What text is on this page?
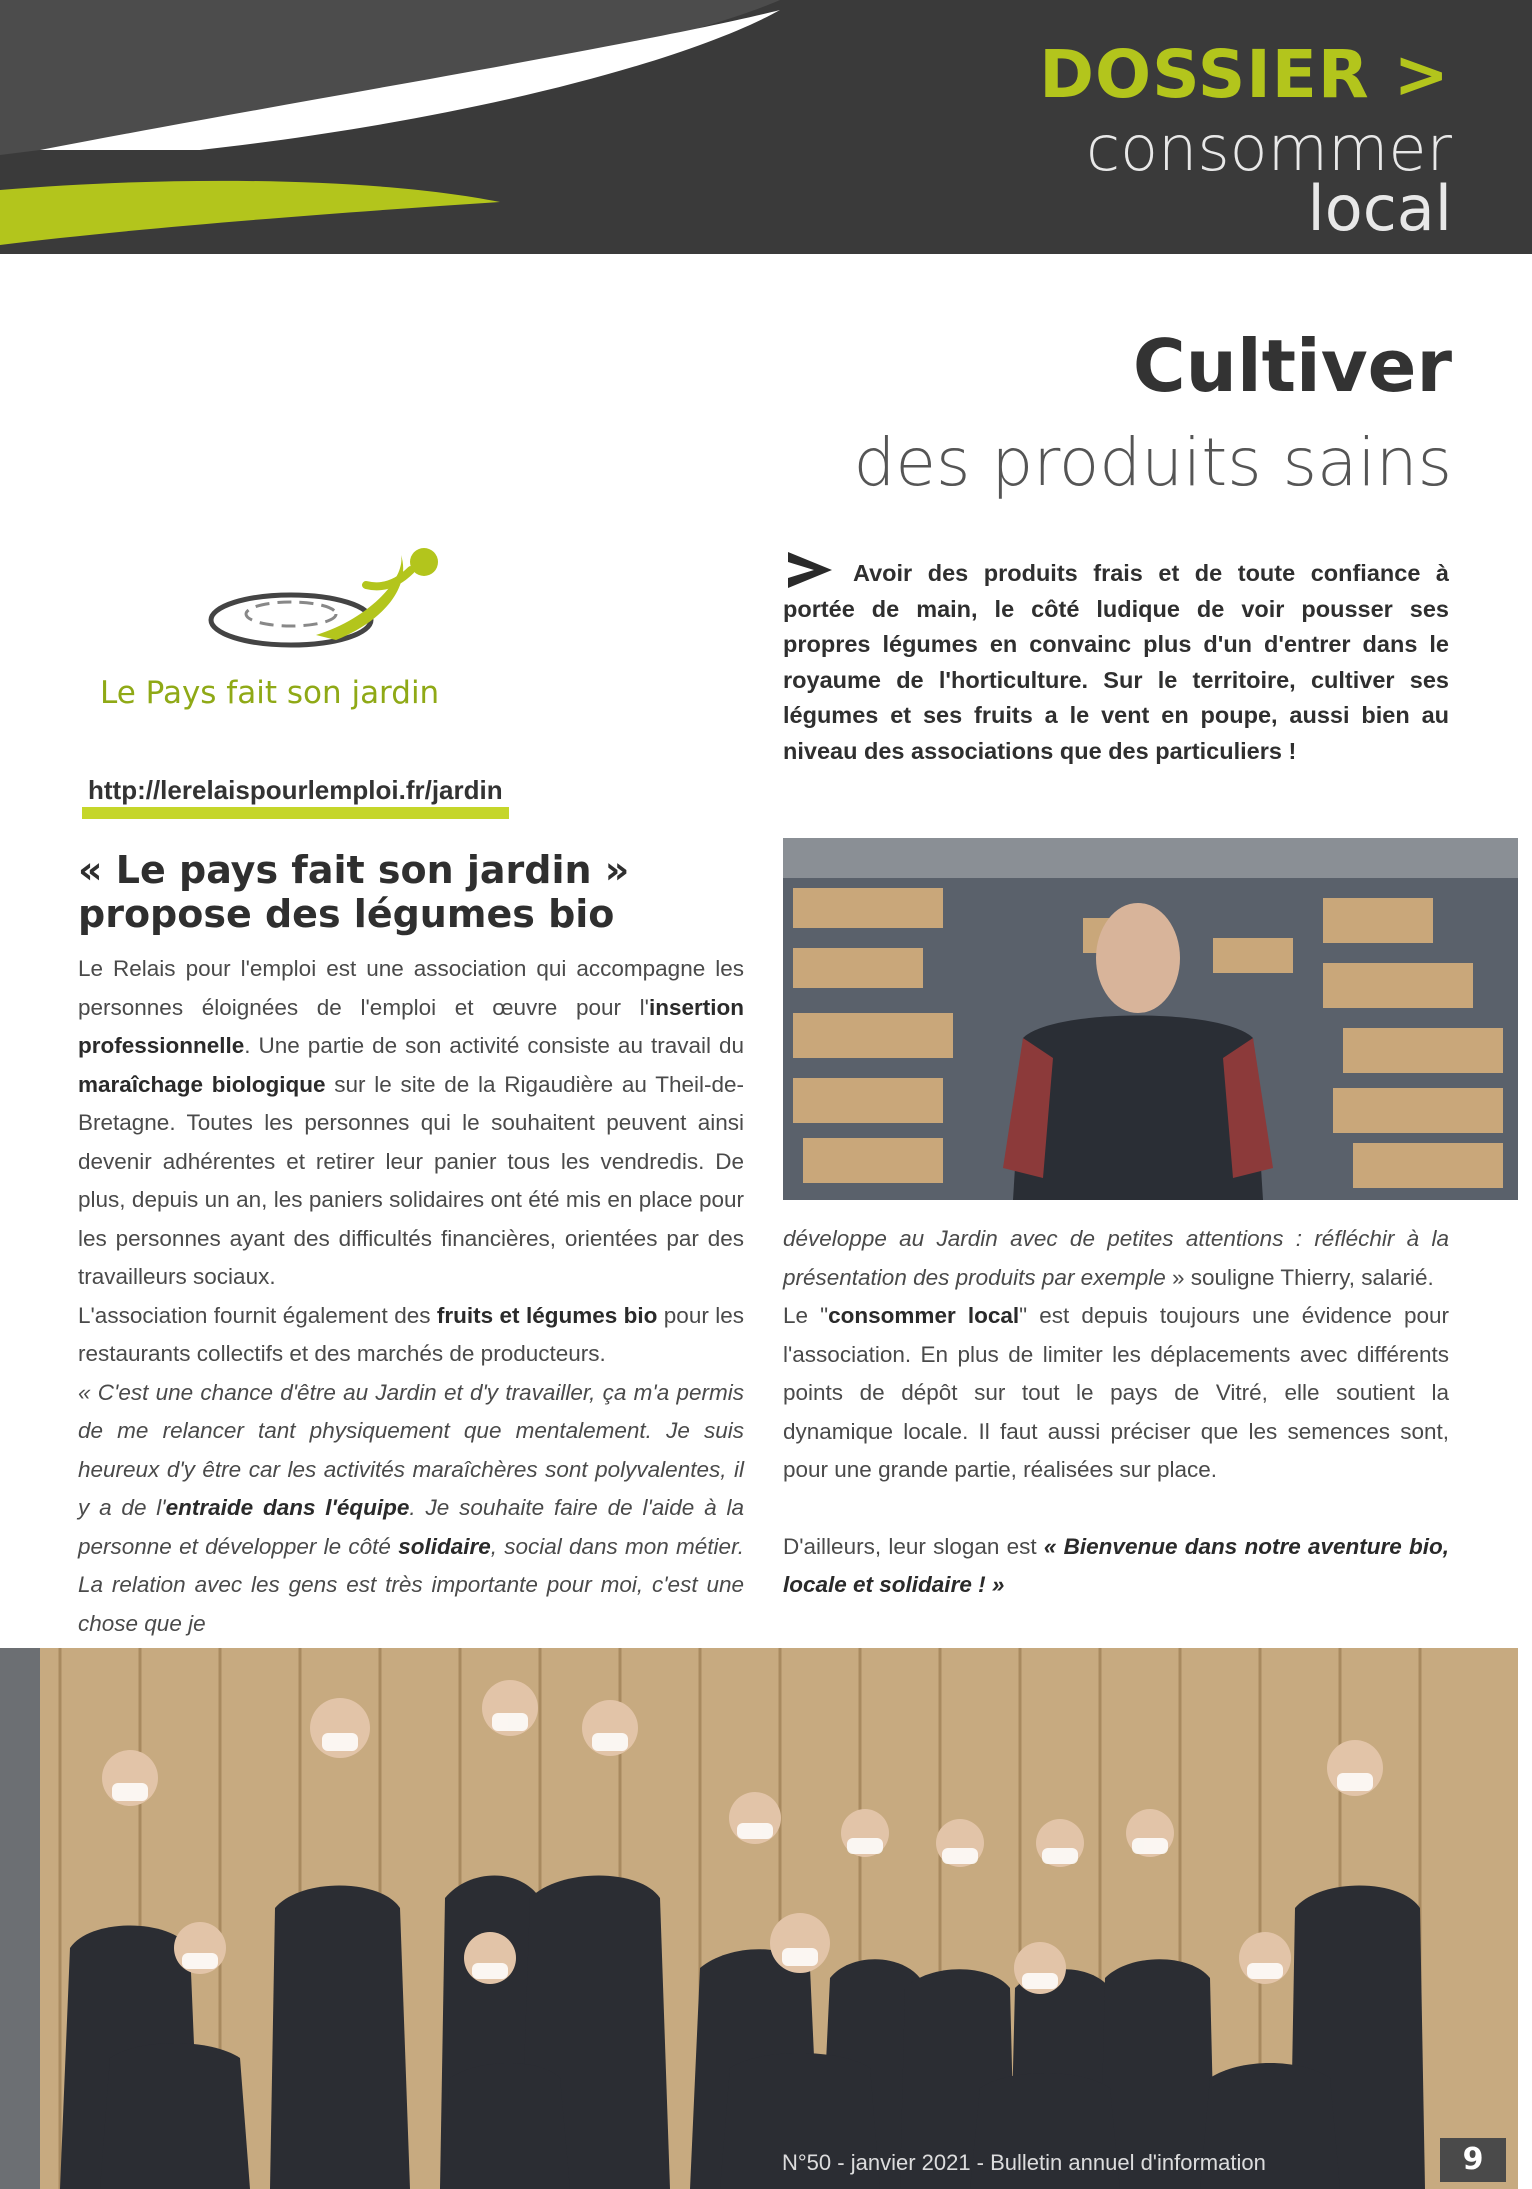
DOSSIER >
consommer
local
Cultiver
des produits sains
Le Pays fait son jardin
http://lerelaispourlemploi.fr/jardin
Avoir des produits frais et de toute confiance à portée de main, le côté ludique de voir pousser ses propres légumes en convainc plus d'un d'entrer dans le royaume de l'horticulture. Sur le territoire, cultiver ses légumes et ses fruits a le vent en poupe, aussi bien au niveau des associations que des particuliers !
« Le pays fait son jardin »
propose des légumes bio

Le Relais pour l'emploi est une association qui accompagne les personnes éloignées de l'emploi et œuvre pour l'insertion professionnelle. Une partie de son activité consiste au travail du maraîchage biologique sur le site de la Rigaudière au Theil-de-Bretagne. Toutes les personnes qui le souhaitent peuvent ainsi devenir adhérentes et retirer leur panier tous les vendredis. De plus, depuis un an, les paniers solidaires ont été mis en place pour les personnes ayant des difficultés financières, orientées par des travailleurs sociaux.

L'association fournit également des fruits et légumes bio pour les restaurants collectifs et des marchés de producteurs.

« C'est une chance d'être au Jardin et d'y travailler, ça m'a permis de me relancer tant physiquement que mentalement. Je suis heureux d'y être car les activités maraîchères sont polyvalentes, il y a de l'entraide dans l'équipe. Je souhaite faire de l'aide à la personne et développer le côté solidaire, social dans mon métier. La relation avec les gens est très importante pour moi, c'est une chose que je

développe au Jardin avec de petites attentions : réfléchir à la présentation des produits par exemple » souligne Thierry, salarié.

Le "consommer local" est depuis toujours une évidence pour l'association. En plus de limiter les déplacements avec différents points de dépôt sur tout le pays de Vitré, elle soutient la dynamique locale. Il faut aussi préciser que les semences sont, pour une grande partie, réalisées sur place.

D'ailleurs, leur slogan est « Bienvenue dans notre aventure bio, locale et solidaire ! »

N°50 - janvier 2021 - Bulletin annuel d'information	9
